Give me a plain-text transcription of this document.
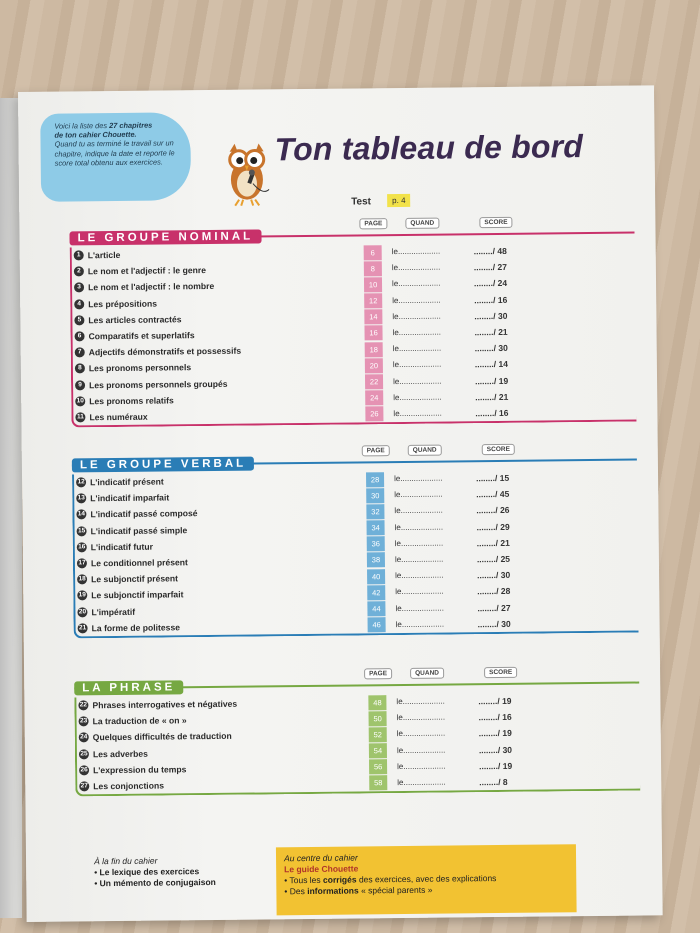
Voici la liste des 27 chapitres
de ton cahier Chouette.
Quand tu as terminé le travail sur un chapitre, indique la date et reporte le score total obtenu aux exercices.	Ton tableau de bord
Test	p. 4
LE GROUPE NOMINAL
PAGE	QUAND	SCORE
1 L'article	6	le...................	......../ 48
2 Le nom et l'adjectif : le genre	8	le...................	......../ 27
3 Le nom et l'adjectif : le nombre	10	le...................	......../ 24
4 Les prépositions	12	le...................	......../ 16
5 Les articles contractés	14	le...................	......../ 30
6 Comparatifs et superlatifs	16	le...................	......../ 21
7 Adjectifs démonstratifs et possessifs	18	le...................	......../ 30
8 Les pronoms personnels	20	le...................	......../ 14
9 Les pronoms personnels groupés	22	le...................	......../ 19
10 Les pronoms relatifs	24	le...................	......../ 21
11 Les numéraux	26	le...................	......../ 16
LE GROUPE VERBAL
PAGE	QUAND	SCORE
12 L'indicatif présent	28	le...................	......../ 15
13 L'indicatif imparfait	30	le...................	......../ 45
14 L'indicatif passé composé	32	le...................	......../ 26
15 L'indicatif passé simple	34	le...................	......../ 29
16 L'indicatif futur	36	le...................	......../ 21
17 Le conditionnel présent	38	le...................	......../ 25
18 Le subjonctif présent	40	le...................	......../ 30
19 Le subjonctif imparfait	42	le...................	......../ 28
20 L'impératif	44	le...................	......../ 27
21 La forme de politesse	46	le...................	......../ 30
LA PHRASE
PAGE	QUAND	SCORE
22 Phrases interrogatives et négatives	48	le...................	......../ 19
23 La traduction de « on »	50	le...................	......../ 16
24 Quelques difficultés de traduction	52	le...................	......../ 19
25 Les adverbes	54	le...................	......../ 30
26 L'expression du temps	56	le...................	......../ 19
27 Les conjonctions	58	le...................	......../ 8
À la fin du cahier
• Le lexique des exercices
• Un mémento de conjugaison
Au centre du cahier
Le guide Chouette
• Tous les corrigés des exercices, avec des explications
• Des informations « spécial parents »
